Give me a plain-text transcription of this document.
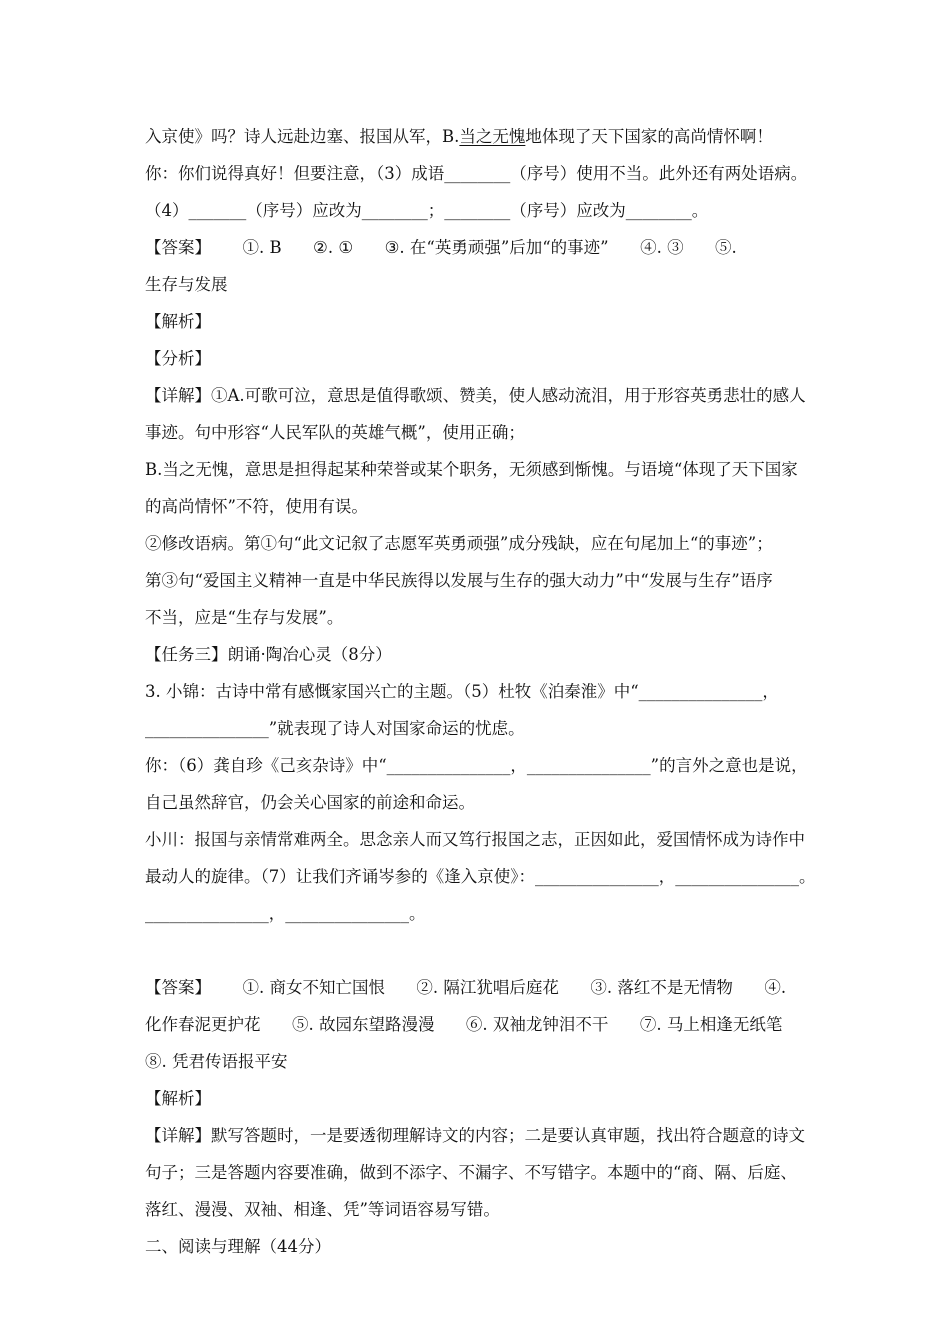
入京使》吗？诗人远赴边塞、报国从军，B.当之无愧地体现了天下国家的高尚情怀啊！
你：你们说得真好！但要注意，（3）成语________（序号）使用不当。此外还有两处语病。
（4）_______（序号）应改为________；________（序号）应改为________。
【答案】      ①. B      ②. ①      ③. 在“英勇顽强”后加“的事迹”      ④. ③      ⑤.
生存与发展
【解析】
【分析】
【详解】①A.可歌可泣，意思是值得歌颂、赞美，使人感动流泪，用于形容英勇悲壮的感人
事迹。句中形容“人民军队的英雄气概”，使用正确；
B.当之无愧，意思是担得起某种荣誉或某个职务，无须感到惭愧。与语境“体现了天下国家
的高尚情怀”不符，使用有误。
②修改语病。第①句“此文记叙了志愿军英勇顽强”成分残缺，应在句尾加上“的事迹”；
第③句“爱国主义精神一直是中华民族得以发展与生存的强大动力”中“发展与生存”语序
不当，应是“生存与发展”。
【任务三】朗诵·陶冶心灵（8分）
3. 小锦：古诗中常有感慨家国兴亡的主题。（5）杜牧《泊秦淮》中“_______________，
_______________”就表现了诗人对国家命运的忧虑。
你：（6）龚自珍《己亥杂诗》中“_______________，_______________”的言外之意也是说，
自己虽然辞官，仍会关心国家的前途和命运。
小川：报国与亲情常难两全。思念亲人而又笃行报国之志，正因如此，爱国情怀成为诗作中
最动人的旋律。（7）让我们齐诵岑参的《逢入京使》：_______________，_______________。
_______________，_______________。
【答案】      ①. 商女不知亡国恨      ②. 隔江犹唱后庭花      ③. 落红不是无情物      ④.
化作春泥更护花      ⑤. 故园东望路漫漫      ⑥. 双袖龙钟泪不干      ⑦. 马上相逢无纸笔
⑧. 凭君传语报平安
【解析】
【详解】默写答题时，一是要透彻理解诗文的内容；二是要认真审题，找出符合题意的诗文
句子；三是答题内容要准确，做到不添字、不漏字、不写错字。本题中的“商、隔、后庭、
落红、漫漫、双袖、相逢、凭”等词语容易写错。
二、阅读与理解（44分）
